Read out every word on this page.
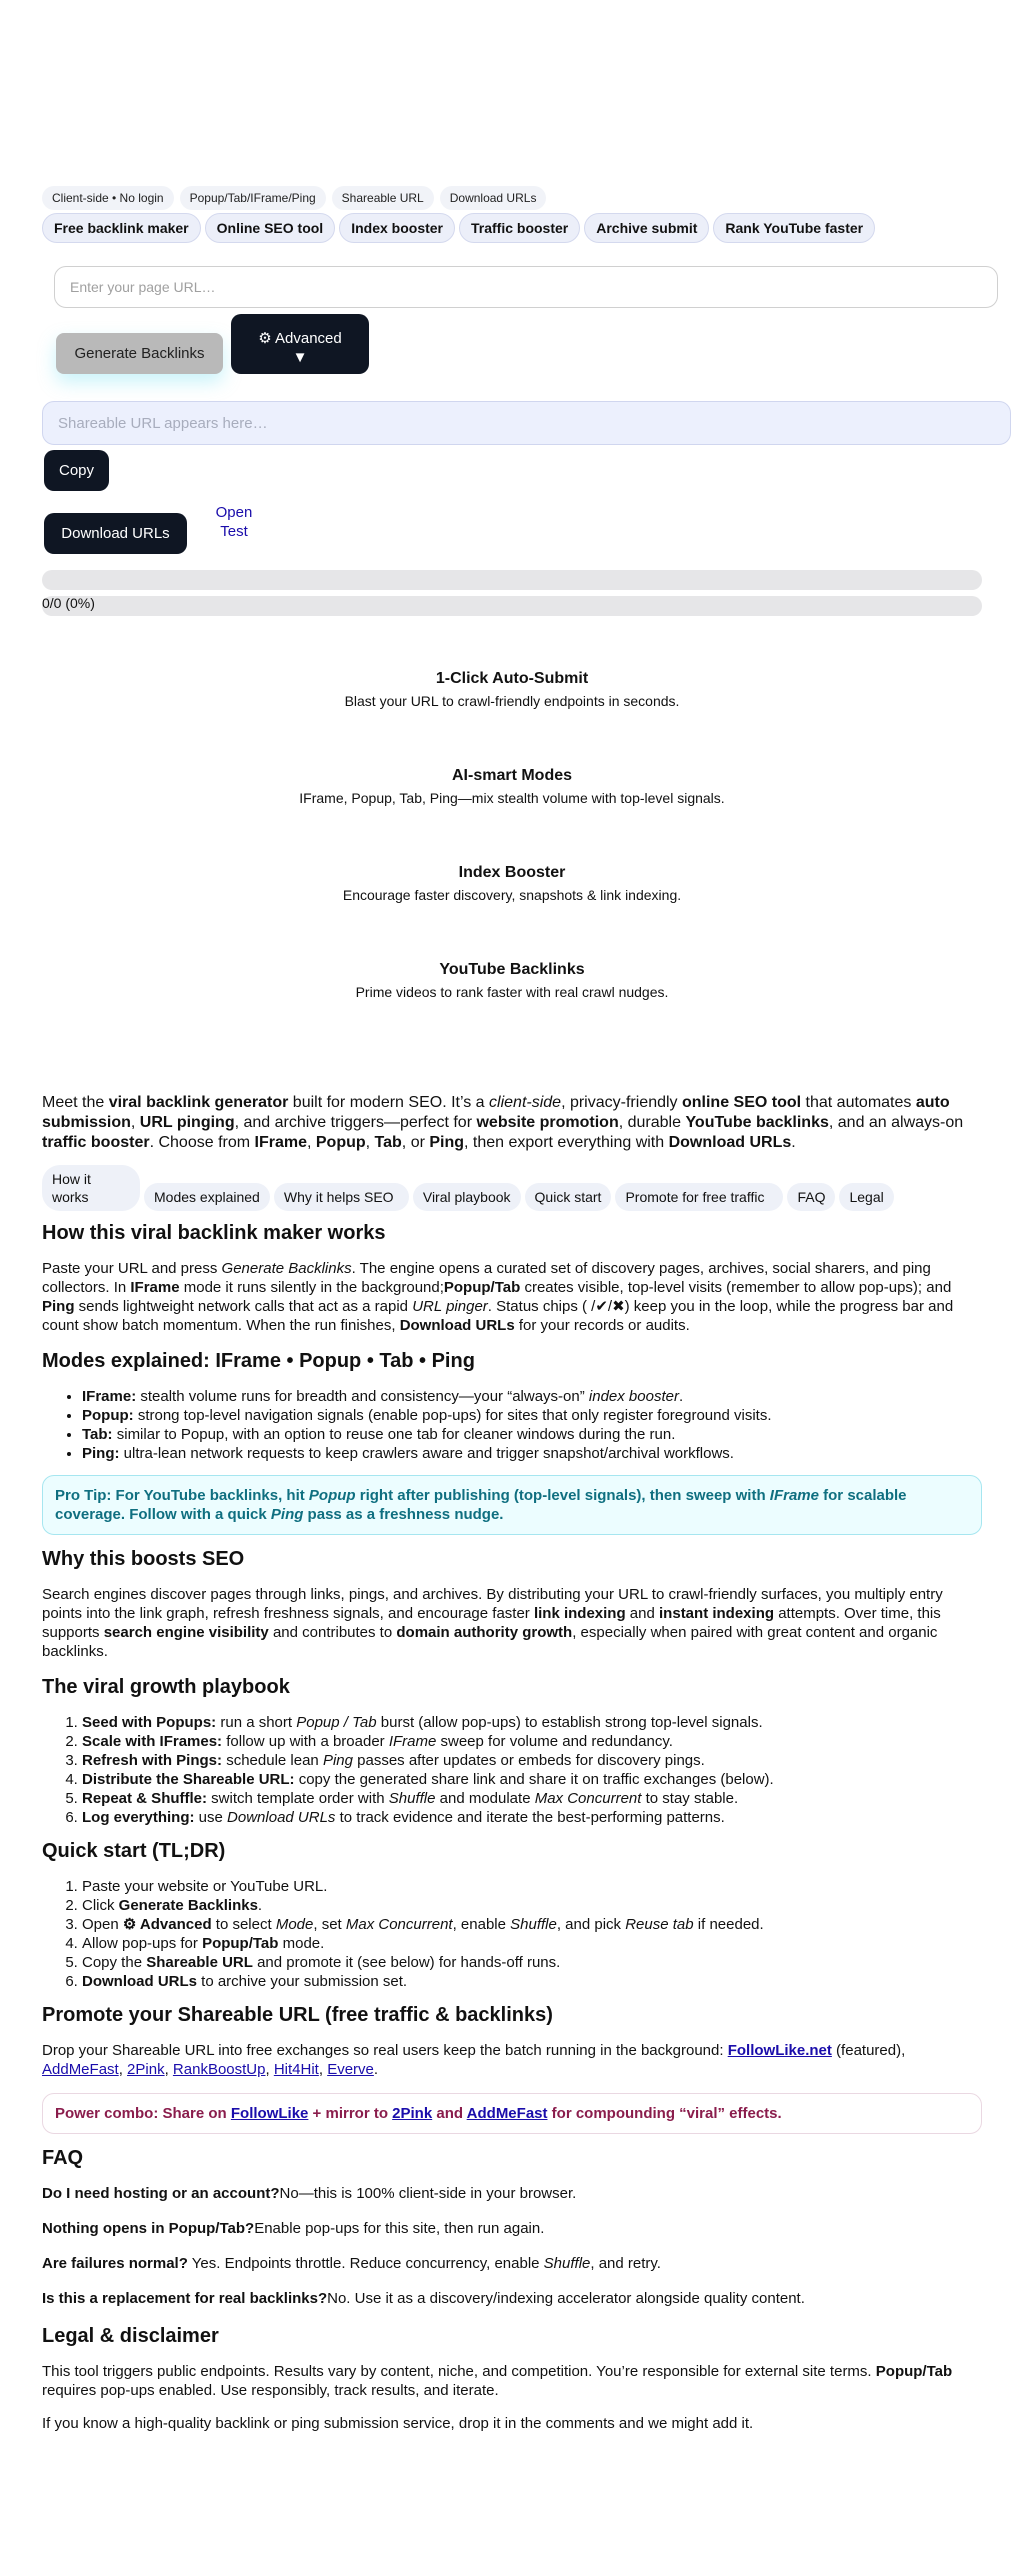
Client-side • No login	Popup/Tab/IFrame/Ping	Shareable URL	Download URLs
Free backlink maker	Online SEO tool	Index booster	Traffic booster	Archive submit	Rank YouTube faster
Enter your page URL…
Generate Backlinks
⚙ Advanced
▼
Shareable URL appears here…
Copy
Download URLs
Open Test
0/0 (0%)
1-Click Auto-Submit

Blast your URL to crawl-friendly endpoints in seconds.

AI-smart Modes

IFrame, Popup, Tab, Ping—mix stealth volume with top-level signals.

Index Booster

Encourage faster discovery, snapshots & link indexing.

YouTube Backlinks

Prime videos to rank faster with real crawl nudges.

Meet the viral backlink generator built for modern SEO. It’s a client-side, privacy-friendly online SEO tool that automates auto submission, URL pinging, and archive triggers—perfect for website promotion, durable YouTube backlinks, and an always-on traffic booster. Choose from IFrame, Popup, Tab, or Ping, then export everything with Download URLs.

How it works	Modes explained	Why it helps SEO	Viral playbook	Quick start	Promote for free traffic	FAQ	Legal
How this viral backlink maker works

Paste your URL and press Generate Backlinks. The engine opens a curated set of discovery pages, archives, social sharers, and ping collectors. In IFrame mode it runs silently in the background;Popup/Tab creates visible, top-level visits (remember to allow pop-ups); and Ping sends lightweight network calls that act as a rapid URL pinger. Status chips ( /✔/✖) keep you in the loop, while the progress bar and count show batch momentum. When the run finishes, Download URLs for your records or audits.

Modes explained: IFrame • Popup • Tab • Ping
• IFrame: stealth volume runs for breadth and consistency—your “always-on” index booster.
• Popup: strong top-level navigation signals (enable pop-ups) for sites that only register foreground visits.
• Tab: similar to Popup, with an option to reuse one tab for cleaner windows during the run.
• Ping: ultra-lean network requests to keep crawlers aware and trigger snapshot/archival workflows.
Pro Tip: For YouTube backlinks, hit Popup right after publishing (top-level signals), then sweep with IFrame for scalable coverage. Follow with a quick Ping pass as a freshness nudge.
Why this boosts SEO

Search engines discover pages through links, pings, and archives. By distributing your URL to crawl-friendly surfaces, you multiply entry points into the link graph, refresh freshness signals, and encourage faster link indexing and instant indexing attempts. Over time, this supports search engine visibility and contributes to domain authority growth, especially when paired with great content and organic backlinks.

The viral growth playbook
1. Seed with Popups: run a short Popup / Tab burst (allow pop-ups) to establish strong top-level signals.
2. Scale with IFrames: follow up with a broader IFrame sweep for volume and redundancy.
3. Refresh with Pings: schedule lean Ping passes after updates or embeds for discovery pings.
4. Distribute the Shareable URL: copy the generated share link and share it on traffic exchanges (below).
5. Repeat & Shuffle: switch template order with Shuffle and modulate Max Concurrent to stay stable.
6. Log everything: use Download URLs to track evidence and iterate the best-performing patterns.
Quick start (TL;DR)
1. Paste your website or YouTube URL.
2. Click Generate Backlinks.
3. Open ⚙ Advanced to select Mode, set Max Concurrent, enable Shuffle, and pick Reuse tab if needed.
4. Allow pop-ups for Popup/Tab mode.
5. Copy the Shareable URL and promote it (see below) for hands-off runs.
6. Download URLs to archive your submission set.
Promote your Shareable URL (free traffic & backlinks)

Drop your Shareable URL into free exchanges so real users keep the batch running in the background: FollowLike.net (featured),
AddMeFast, 2Pink, RankBoostUp, Hit4Hit, Everve.

Power combo: Share on FollowLike + mirror to 2Pink and AddMeFast for compounding “viral” effects.
FAQ

Do I need hosting or an account?No—this is 100% client-side in your browser.

Nothing opens in Popup/Tab?Enable pop-ups for this site, then run again.

Are failures normal? Yes. Endpoints throttle. Reduce concurrency, enable Shuffle, and retry.

Is this a replacement for real backlinks?No. Use it as a discovery/indexing accelerator alongside quality content.

Legal & disclaimer

This tool triggers public endpoints. Results vary by content, niche, and competition. You’re responsible for external site terms. Popup/Tab requires pop-ups enabled. Use responsibly, track results, and iterate.

If you know a high-quality backlink or ping submission service, drop it in the comments and we might add it.
